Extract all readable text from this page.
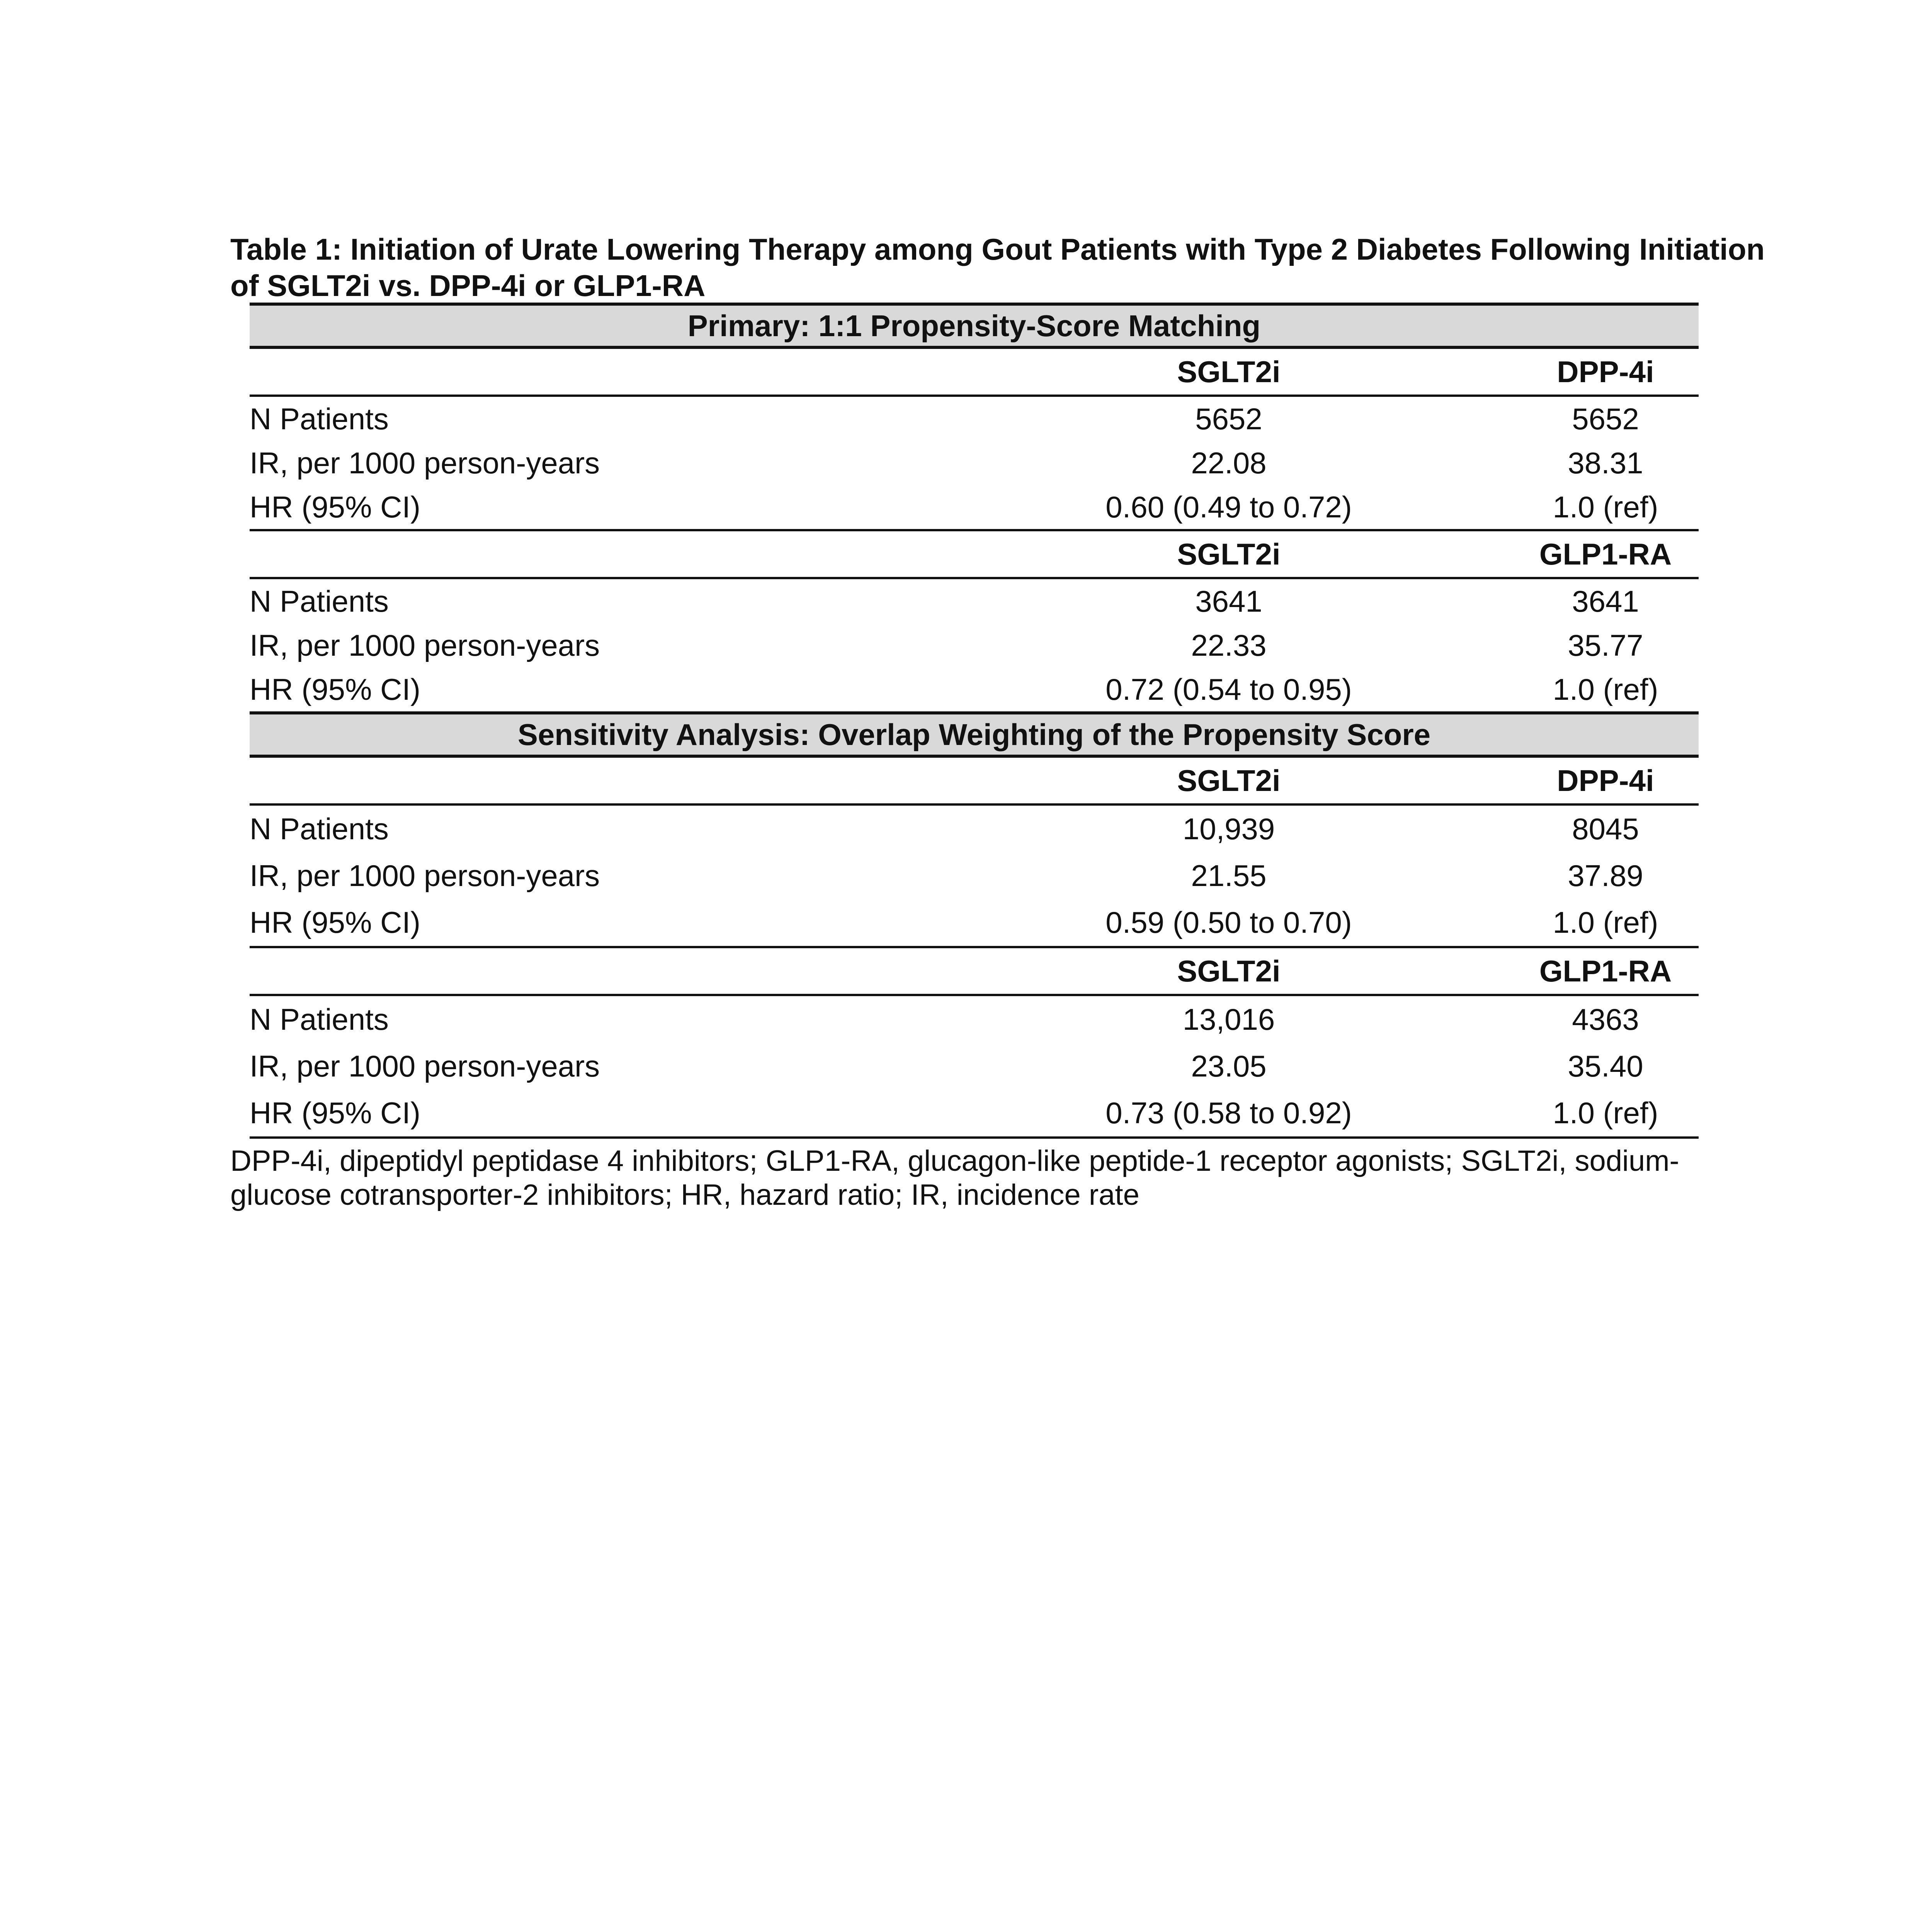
Table 1: Initiation of Urate Lowering Therapy among Gout Patients with Type 2 Diabetes Following Initiation of SGLT2i vs. DPP-4i or GLP1-RA

Primary: 1:1 Propensity-Score Matching		
	SGLT2i	DPP-4i
N Patients	5652	5652
IR, per 1000 person-years	22.08	38.31
HR (95% CI)	0.60 (0.49 to 0.72)	1.0 (ref)
	SGLT2i	GLP1-RA
N Patients	3641	3641
IR, per 1000 person-years	22.33	35.77
HR (95% CI)	0.72 (0.54 to 0.95)	1.0 (ref)
Sensitivity Analysis: Overlap Weighting of the Propensity Score		
	SGLT2i	DPP-4i
N Patients	10,939	8045
IR, per 1000 person-years	21.55	37.89
HR (95% CI)	0.59 (0.50 to 0.70)	1.0 (ref)
	SGLT2i	GLP1-RA
N Patients	13,016	4363
IR, per 1000 person-years	23.05	35.40
HR (95% CI)	0.73 (0.58 to 0.92)	1.0 (ref)
DPP-4i, dipeptidyl peptidase 4 inhibitors; GLP1-RA, glucagon-like peptide-1 receptor agonists; SGLT2i, sodium-glucose cotransporter-2 inhibitors; HR, hazard ratio; IR, incidence rate
